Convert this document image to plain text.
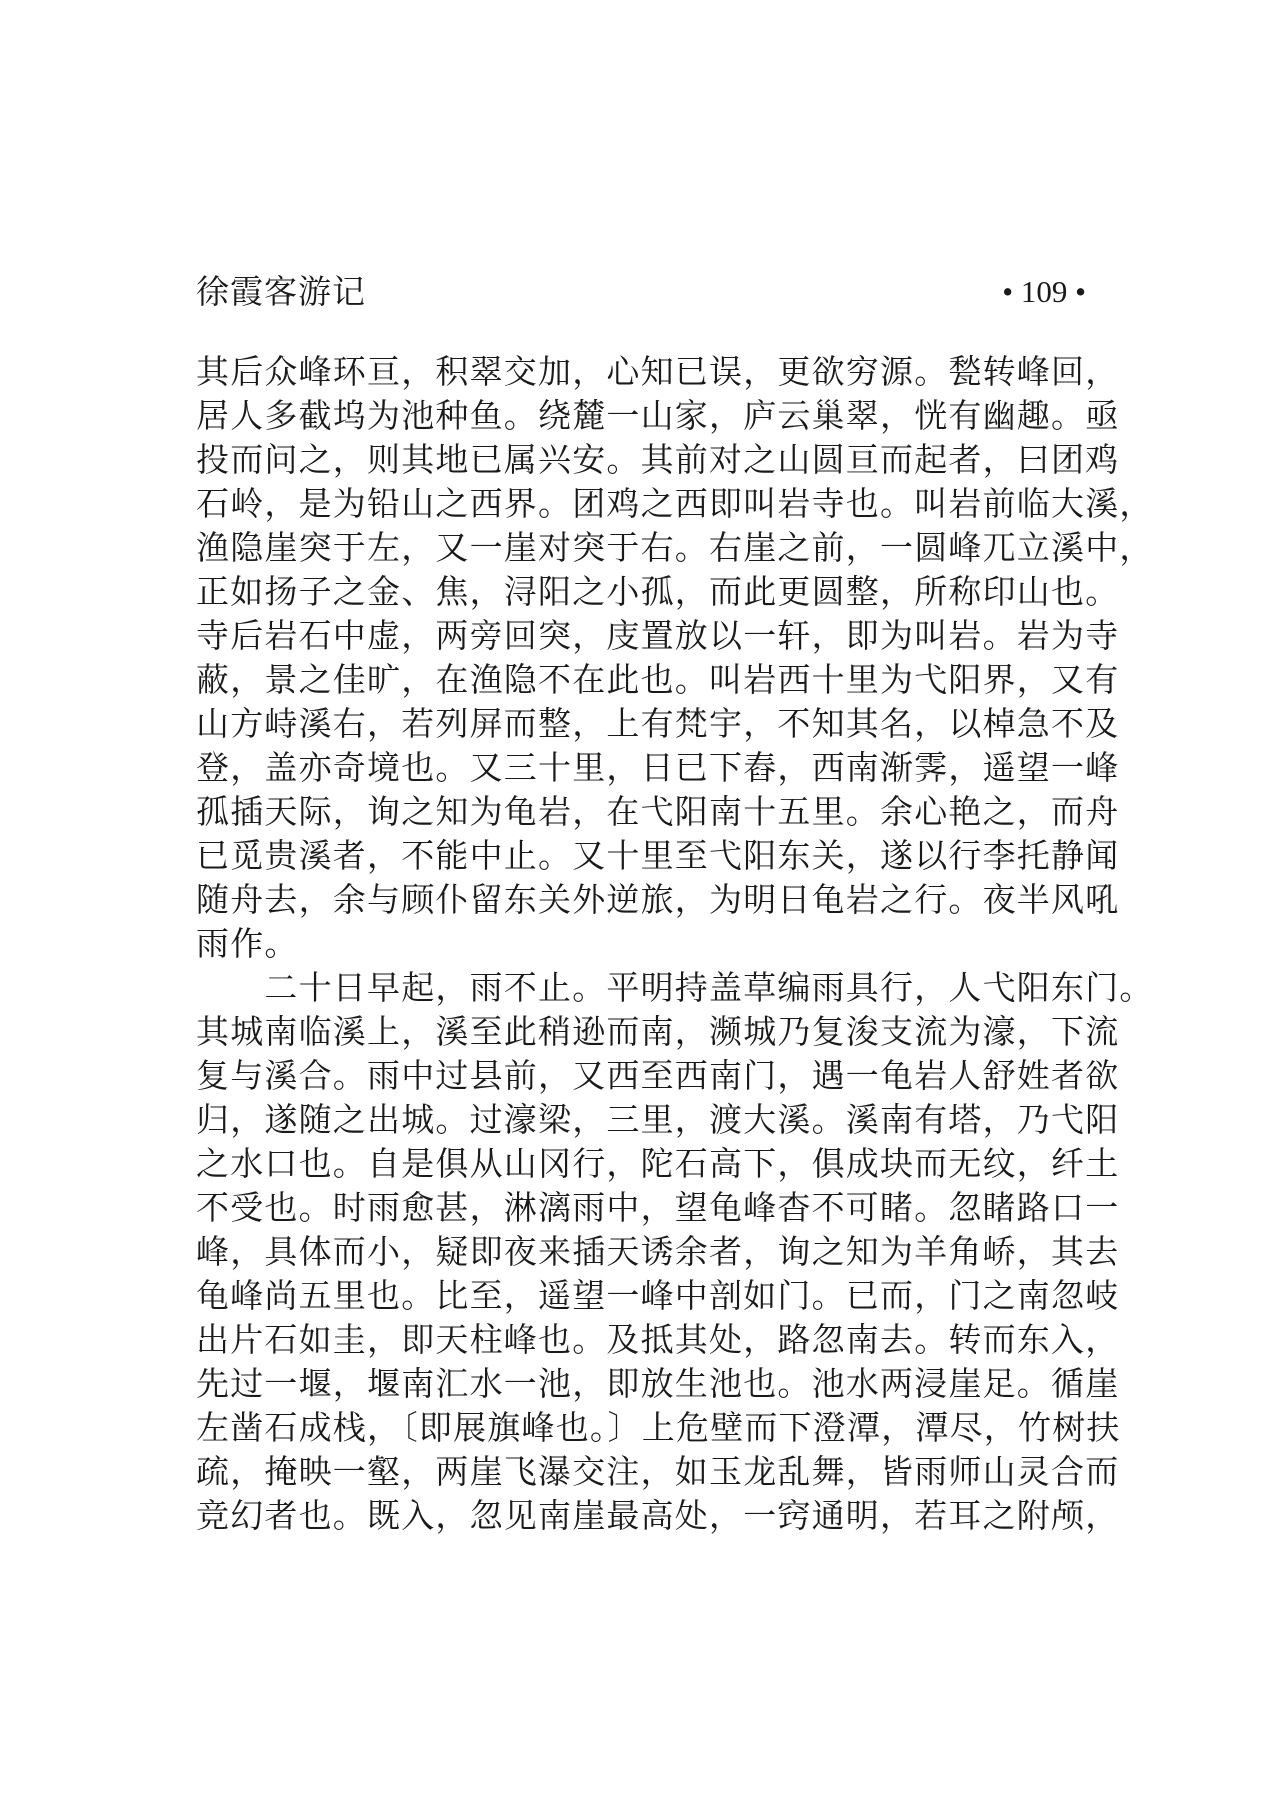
徐霞客游记	• 109 •
其后众峰环亘，积翠交加，心知已误，更欲穷源。甃转峰回，
居人多截坞为池种鱼。绕麓一山家，庐云巢翠，恍有幽趣。亟
投而问之，则其地已属兴安。其前对之山圆亘而起者，曰团鸡
石岭，是为铅山之西界。团鸡之西即叫岩寺也。叫岩前临大溪，
渔隐崖突于左，又一崖对突于右。右崖之前，一圆峰兀立溪中，
正如扬子之金、焦，浔阳之小孤，而此更圆整，所称印山也。
寺后岩石中虚，两旁回突，庋置放以一轩，即为叫岩。岩为寺
蔽，景之佳旷，在渔隐不在此也。叫岩西十里为弋阳界，又有
山方峙溪右，若列屏而整，上有梵宇，不知其名，以棹急不及
登，盖亦奇境也。又三十里，日已下舂，西南渐霁，遥望一峰
孤插天际，询之知为龟岩，在弋阳南十五里。余心艳之，而舟
已觅贵溪者，不能中止。又十里至弋阳东关，遂以行李托静闻
随舟去，余与顾仆留东关外逆旅，为明日龟岩之行。夜半风吼
雨作。
　　二十日早起，雨不止。平明持盖草编雨具行，人弋阳东门。
其城南临溪上，溪至此稍逊而南，濒城乃复浚支流为濠，下流
复与溪合。雨中过县前，又西至西南门，遇一龟岩人舒姓者欲
归，遂随之出城。过濠梁，三里，渡大溪。溪南有塔，乃弋阳
之水口也。自是俱从山冈行，陀石高下，俱成块而无纹，纤土
不受也。时雨愈甚，淋漓雨中，望龟峰杳不可睹。忽睹路口一
峰，具体而小，疑即夜来插天诱余者，询之知为羊角峤，其去
龟峰尚五里也。比至，遥望一峰中剖如门。已而，门之南忽岐
出片石如圭，即天柱峰也。及抵其处，路忽南去。转而东入，
先过一堰，堰南汇水一池，即放生池也。池水两浸崖足。循崖
左凿石成栈，〔即展旗峰也。〕上危壁而下澄潭，潭尽，竹树扶
疏，掩映一壑，两崖飞瀑交注，如玉龙乱舞，皆雨师山灵合而
竞幻者也。既入，忽见南崖最高处，一窍通明，若耳之附颅，
